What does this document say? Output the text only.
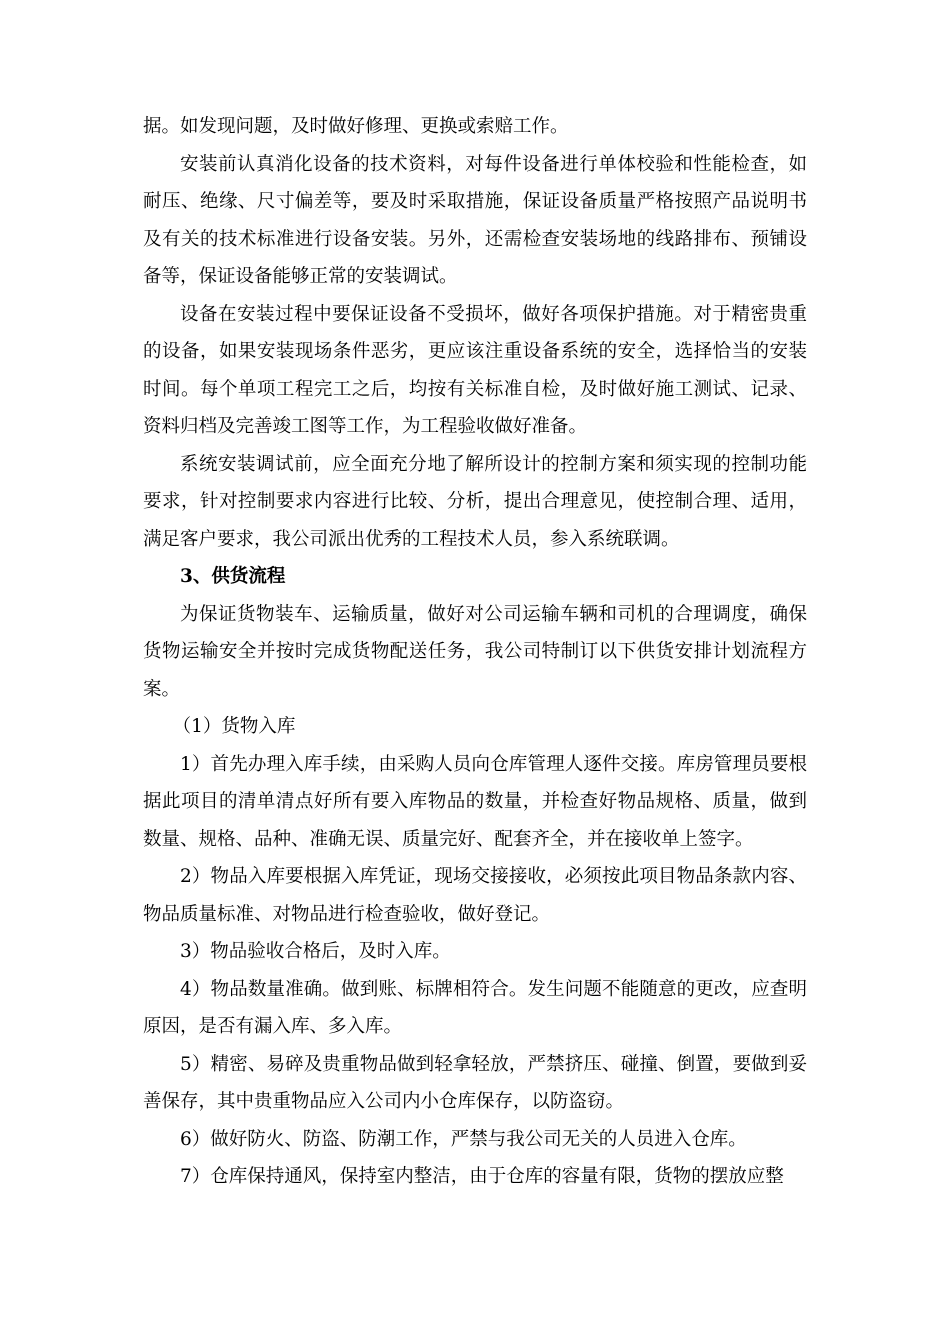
据。如发现问题，及时做好修理、更换或索赔工作。

安装前认真消化设备的技术资料，对每件设备进行单体校验和性能检查，如耐压、绝缘、尺寸偏差等，要及时采取措施，保证设备质量严格按照产品说明书及有关的技术标准进行设备安装。另外，还需检查安装场地的线路排布、预铺设备等，保证设备能够正常的安装调试。

设备在安装过程中要保证设备不受损坏，做好各项保护措施。对于精密贵重的设备，如果安装现场条件恶劣，更应该注重设备系统的安全，选择恰当的安装时间。每个单项工程完工之后，均按有关标准自检，及时做好施工测试、记录、资料归档及完善竣工图等工作，为工程验收做好准备。

系统安装调试前，应全面充分地了解所设计的控制方案和须实现的控制功能要求，针对控制要求内容进行比较、分析，提出合理意见，使控制合理、适用，满足客户要求，我公司派出优秀的工程技术人员，参入系统联调。

3、供货流程

为保证货物装车、运输质量，做好对公司运输车辆和司机的合理调度，确保货物运输安全并按时完成货物配送任务，我公司特制订以下供货安排计划流程方案。

（1）货物入库

1）首先办理入库手续，由采购人员向仓库管理人逐件交接。库房管理员要根据此项目的清单清点好所有要入库物品的数量，并检查好物品规格、质量，做到数量、规格、品种、准确无误、质量完好、配套齐全，并在接收单上签字。

2）物品入库要根据入库凭证，现场交接接收，必须按此项目物品条款内容、物品质量标准、对物品进行检查验收，做好登记。

3）物品验收合格后，及时入库。

4）物品数量准确。做到账、标牌相符合。发生问题不能随意的更改，应查明原因，是否有漏入库、多入库。

5）精密、易碎及贵重物品做到轻拿轻放，严禁挤压、碰撞、倒置，要做到妥善保存，其中贵重物品应入公司内小仓库保存，以防盗窃。

6）做好防火、防盗、防潮工作，严禁与我公司无关的人员进入仓库。

7）仓库保持通风，保持室内整洁，由于仓库的容量有限，货物的摆放应整
